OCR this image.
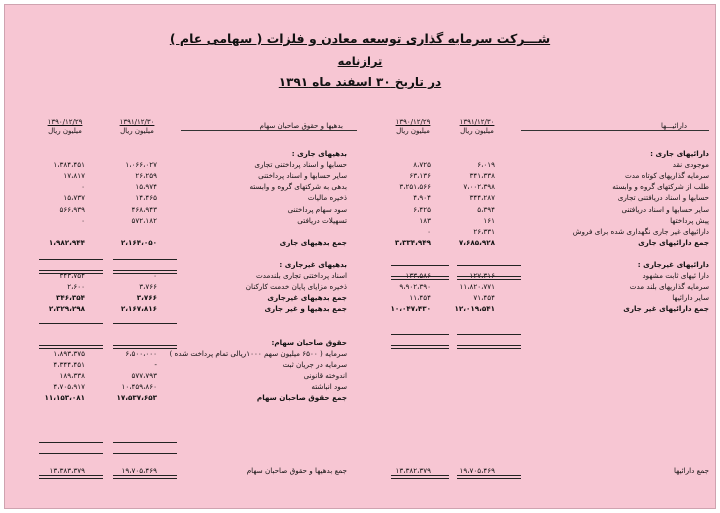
شـــرکت سرمایه گذاری توسعه معادن و فلزات ( سهامی عام )
ترازنامه
در تاریخ ۳۰ اسفند ماه ۱۳۹۱
دارائیـــها
۱۳۹۱/۱۲/۳۰
میلیون ریال
۱۳۹۰/۱۲/۲۹
میلیون ریال
بدهیها و حقوق صاحبان سهام
۱۳۹۱/۱۲/۳۰
میلیون ریال
۱۳۹۰/۱۲/۲۹
میلیون ریال
دارائیهای جاری :
موجودی نقد
۶،۰۱۹
۸،۷۲۵
سرمایه گذاریهای کوتاه مدت
۳۴۱،۳۳۸
۶۳،۱۳۶
طلب از شرکتهای گروه و وابسته
۷،۰۰۲،۳۹۸
۳،۲۵۱،۵۶۶
حسابها و اسناد دریافتنی تجاری
۳۴۴،۲۸۷
۴،۹۰۴
سایر حسابها و اسناد دریافتنی
۵،۳۹۴
۶،۴۲۵
پیش پرداختها
۱۶۱
۱۸۳
دارائیهای غیر جاری نگهداری شده برای فروش
۲۶،۳۳۱
٠
جمع دارائیهای جاری
۷،۶۸۵،۹۲۸
۳،۳۳۴،۹۴۹
دارائیهای غیرجاری :
دارا ئیهای ثابت مشهود
۱۲۷،۳۱۶
۱۳۳،۵۸۶
سرمایه گذاریهای بلند مدت
۱۱،۸۲۰،۷۷۱
۹،۹۰۲،۳۹۰
سایر دارائیها
۷۱،۴۵۴
۱۱،۴۵۴
جمع دارائیهای غیر جاری
۱۲،۰۱۹،۵۴۱
۱۰،۰۴۷،۴۳۰
بدهیهای جاری :
حسابها و اسناد پرداختنی تجاری
۱،۰۶۶،۰۲۷
۱،۳۸۴،۴۵۱
سایر حسابها و اسناد پرداختنی
۲۶،۲۵۹
۱۷،۸۱۷
بدهی به شرکتهای گروه و وابسته
۱۵،۹۷۴
٠
ذخیره مالیات
۱۴،۴۶۵
۱۵،۷۳۷
سود سهام پرداختنی
۴۶۸،۹۴۳
۵۶۶،۹۳۹
تسهیلات دریافتی
۵۷۲،۱۸۲
٠
جمع بدهیهای جاری
۲،۱۶۴،۰۵۰
۱،۹۸۲،۹۴۴
بدهیهای غیرجاری :
اسناد پرداختنی تجاری بلندمدت
٠
۳۴۳،۷۵۴
ذخیره مزایای پایان خدمت کارکنان
۳،۷۶۶
۲،۶۰۰
جمع بدهیهای غیرجاری
۳،۷۶۶
۳۴۶،۳۵۴
جمع بدهیها و غیر جاری
۲،۱۶۷،۸۱۶
۲،۳۲۹،۲۹۸
حقوق صاحبان سهام:
سرمایه ( ۶۵۰۰ میلیون سهم ۱۰۰۰ریالی تمام پرداخت شده )
۶،۵۰۰،۰۰۰
۱،۸۹۳،۳۷۵
سرمایه در جریان ثبت
-
۴،۳۴۴،۴۵۱
اندوخته قانونی
۵۷۷،۷۹۳
۱۸۹،۳۳۸
سود انباشته
۱۰،۴۵۹،۸۶۰
۴،۷۰۵،۹۱۷
جمع حقوق صاحبان سهام
۱۷،۵۳۷،۶۵۳
۱۱،۱۵۳،۰۸۱
جمع دارائیها
۱۹،۷۰۵،۴۶۹
۱۳،۳۸۲،۳۷۹
جمع بدهیها و حقوق صاحبان سهام
۱۹،۷۰۵،۴۶۹
۱۳،۳۸۳،۳۷۹
